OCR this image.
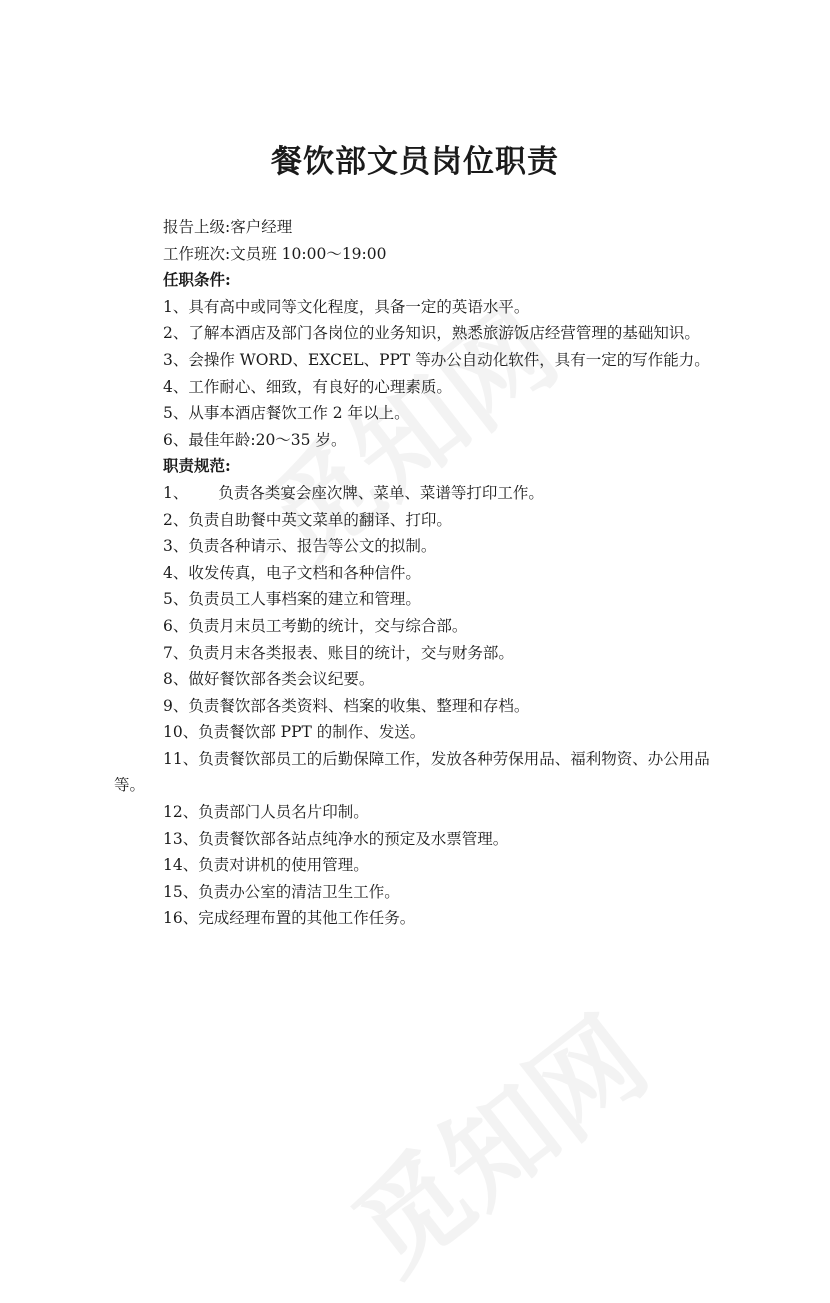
餐饮部文员岗位职责

报告上级:客户经理

工作班次:文员班 10:00～19:00

任职条件:

1、具有高中或同等文化程度，具备一定的英语水平。

2、了解本酒店及部门各岗位的业务知识，熟悉旅游饭店经营管理的基础知识。

3、会操作 WORD、EXCEL、PPT 等办公自动化软件，具有一定的写作能力。

4、工作耐心、细致，有良好的心理素质。

5、从事本酒店餐饮工作 2 年以上。

6、最佳年龄:20～35 岁。

职责规范:

1、 负责各类宴会座次牌、菜单、菜谱等打印工作。

2、负责自助餐中英文菜单的翻译、打印。

3、负责各种请示、报告等公文的拟制。

4、收发传真，电子文档和各种信件。

5、负责员工人事档案的建立和管理。

6、负责月末员工考勤的统计，交与综合部。

7、负责月末各类报表、账目的统计，交与财务部。

8、做好餐饮部各类会议纪要。

9、负责餐饮部各类资料、档案的收集、整理和存档。

10、负责餐饮部 PPT 的制作、发送。

11、负责餐饮部员工的后勤保障工作，发放各种劳保用品、福利物资、办公用品等。

12、负责部门人员名片印制。

13、负责餐饮部各站点纯净水的预定及水票管理。

14、负责对讲机的使用管理。

15、负责办公室的清洁卫生工作。

16、完成经理布置的其他工作任务。
